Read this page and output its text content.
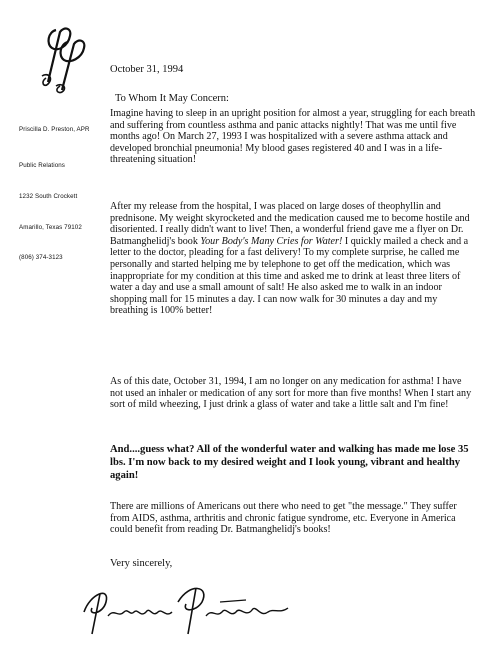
October 31, 1994
To Whom It May Concern:
Priscilla D. Preston, APR
Public Relations
1232 South Crockett
Amarillo, Texas 79102
(806) 374-3123

Imagine having to sleep in an upright position for almost a year, struggling for each breath and suffering from countless asthma and panic attacks nightly! That was me until five months ago! On March 27, 1993 I was hospitalized with a severe asthma attack and developed bronchial pneumonia! My blood gases registered 40 and I was in a life-threatening situation!

After my release from the hospital, I was placed on large doses of theophyllin and prednisone. My weight skyrocketed and the medication caused me to become hostile and disoriented. I really didn't want to live! Then, a wonderful friend gave me a flyer on Dr. Batmanghelidj's book Your Body's Many Cries for Water! I quickly mailed a check and a letter to the doctor, pleading for a fast delivery! To my complete surprise, he called me personally and started helping me by telephone to get off the medication, which was inappropriate for my condition at this time and asked me to drink at least three liters of water a day and use a small amount of salt! He also asked me to walk in an indoor shopping mall for 15 minutes a day. I can now walk for 30 minutes a day and my breathing is 100% better!

As of this date, October 31, 1994, I am no longer on any medication for asthma! I have not used an inhaler or medication of any sort for more than five months! When I start any sort of mild wheezing, I just drink a glass of water and take a little salt and I'm fine!

And....guess what? All of the wonderful water and walking has made me lose 35 lbs. I'm now back to my desired weight and I look young, vibrant and healthy again!

There are millions of Americans out there who need to get "the message." They suffer from AIDS, asthma, arthritis and chronic fatigue syndrome, etc. Everyone in America could benefit from reading Dr. Batmanghelidj's books!

Very sincerely,
